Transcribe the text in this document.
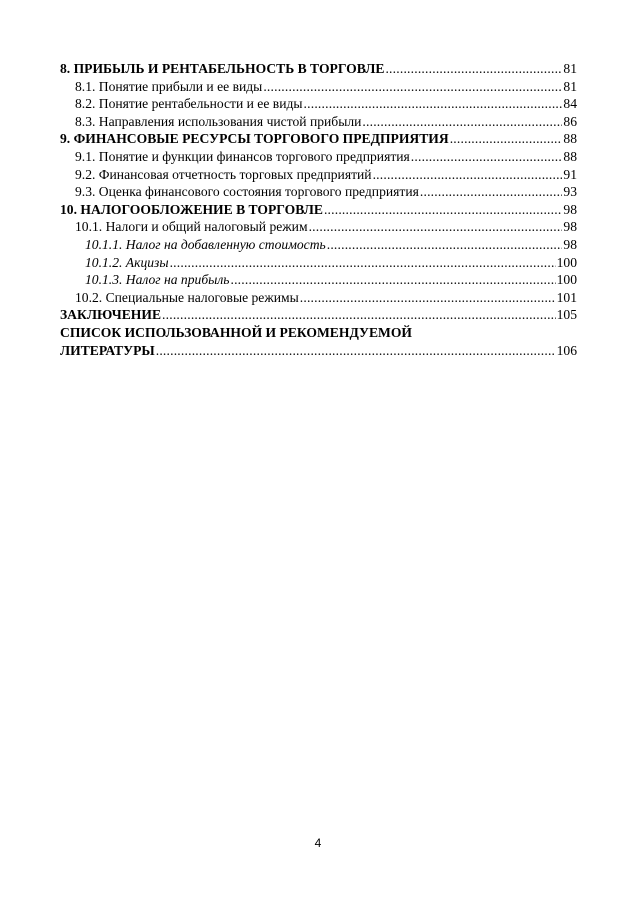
8. ПРИБЫЛЬ И РЕНТАБЕЛЬНОСТЬ В ТОРГОВЛЕ .....	81
8.1. Понятие прибыли и ее виды .....	81
8.2. Понятие рентабельности и ее виды .....	84
8.3. Направления использования чистой прибыли .....	86
9. ФИНАНСОВЫЕ РЕСУРСЫ ТОРГОВОГО ПРЕДПРИЯТИЯ .....	88
9.1. Понятие и функции финансов торгового предприятия .....	88
9.2. Финансовая отчетность торговых предприятий .....	91
9.3. Оценка финансового состояния торгового предприятия .....	93
10. НАЛОГООБЛОЖЕНИЕ В ТОРГОВЛЕ .....	98
10.1. Налоги и общий налоговый режим .....	98
10.1.1. Налог на добавленную стоимость .....	98
10.1.2. Акцизы .....	100
10.1.3. Налог на прибыль .....	100
10.2. Специальные налоговые режимы .....	101
ЗАКЛЮЧЕНИЕ .....	105
СПИСОК ИСПОЛЬЗОВАННОЙ И РЕКОМЕНДУЕМОЙ
ЛИТЕРАТУРЫ .....	106
4
